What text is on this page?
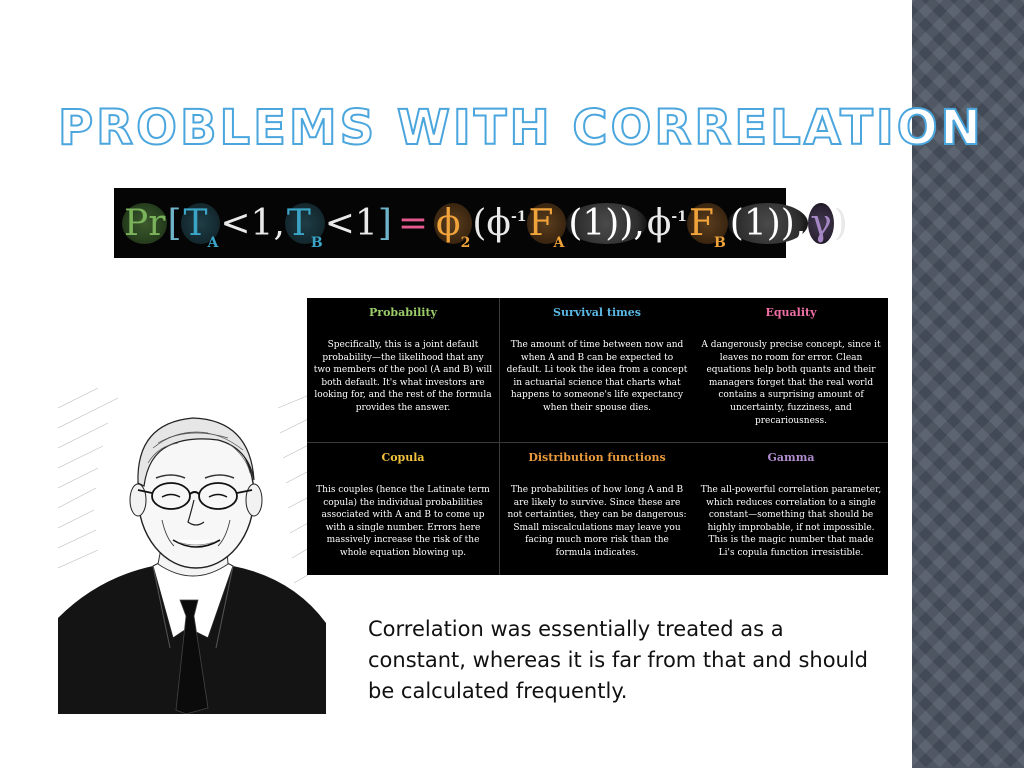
PROBLEMS WITH CORRELATION
Pr [ $T_A <1$, $T_B <1$ ] = $\phi_2$ ( $\phi^{-1}$ $F_A$ (1)), $\phi^{-1}$ $F_B$ (1)), γ )
Probability
Specifically, this is a joint default probability—the likelihood that any two members of the pool (A and B) will both default. It's what investors are looking for, and the rest of the formula provides the answer.
Survival times
The amount of time between now and when A and B can be expected to default. Li took the idea from a concept in actuarial science that charts what happens to someone's life expectancy when their spouse dies.
Equality
A dangerously precise concept, since it leaves no room for error. Clean equations help both quants and their managers forget that the real world contains a surprising amount of uncertainty, fuzziness, and precariousness.
Copula
This couples (hence the Latinate term copula) the individual probabilities associated with A and B to come up with a single number. Errors here massively increase the risk of the whole equation blowing up.
Distribution functions
The probabilities of how long A and B are likely to survive. Since these are not certainties, they can be dangerous: Small miscalculations may leave you facing much more risk than the formula indicates.
Gamma
The all-powerful correlation parameter, which reduces correlation to a single constant—something that should be highly improbable, if not impossible. This is the magic number that made Li's copula function irresistible.
Correlation was essentially treated as a constant, whereas it is far from that and should be calculated frequently.
